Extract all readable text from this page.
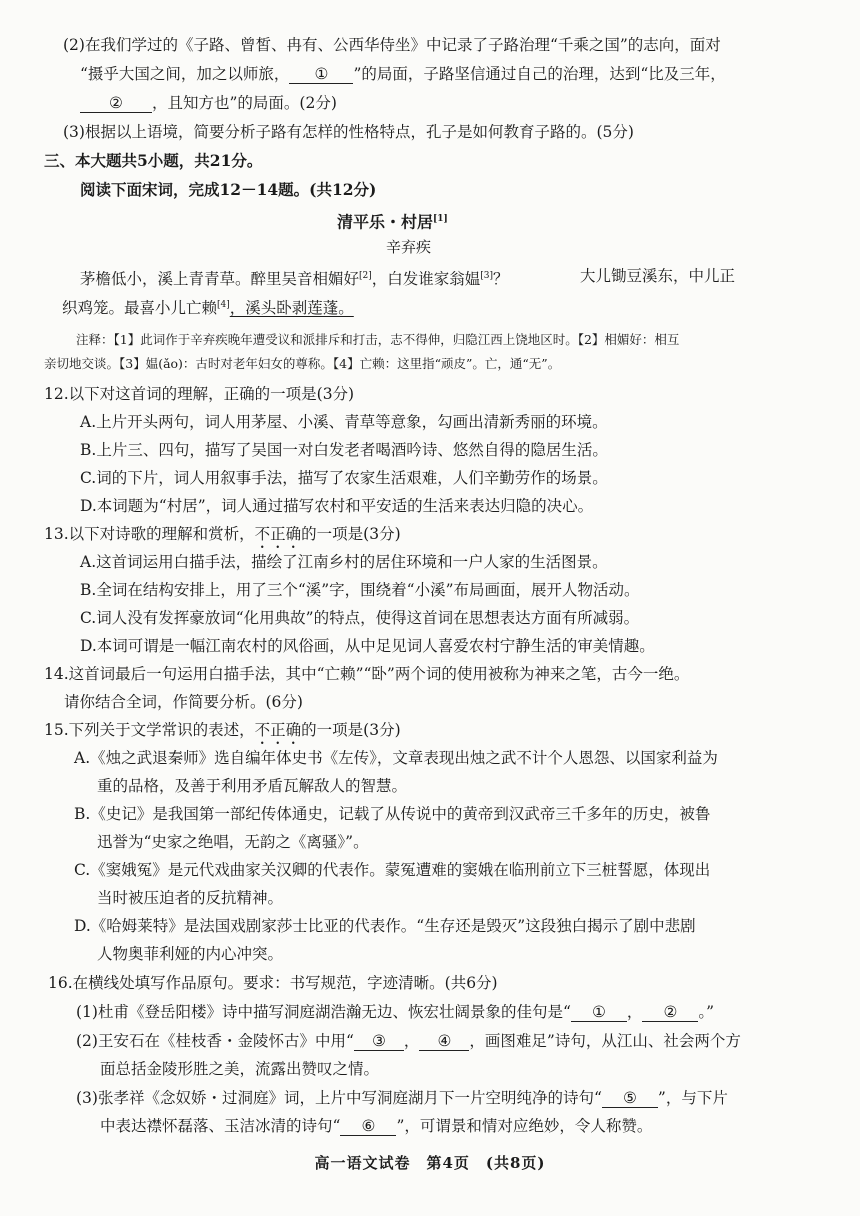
(2)在我们学过的《子路、曾皙、冉有、公西华侍坐》中记录了子路治理“千乘之国”的志向，面对
“摄乎大国之间，加之以师旅， ① ”的局面，子路坚信通过自己的治理，达到“比及三年，
② ，且知方也”的局面。(2分)
(3)根据以上语境，简要分析子路有怎样的性格特点，孔子是如何教育子路的。(5分)
三、本大题共5小题，共21分。
阅读下面宋词，完成12－14题。(共12分)
清平乐・村居[1]
辛弃疾
茅檐低小，溪上青青草。醉里吴音相媚好[2]，白发谁家翁媪[3]？	大儿锄豆溪东，中儿正
织鸡笼。最喜小儿亡赖[4]，溪头卧剥莲蓬。
注释：【1】此词作于辛弃疾晚年遭受议和派排斥和打击，志不得伸，归隐江西上饶地区时。【2】相媚好：相互
亲切地交谈。【3】媪(ǎo)：古时对老年妇女的尊称。【4】亡赖：这里指“顽皮”。亡，通“无”。
12.以下对这首词的理解，正确的一项是(3分)
A.上片开头两句，词人用茅屋、小溪、青草等意象，勾画出清新秀丽的环境。
B.上片三、四句，描写了吴国一对白发老者喝酒吟诗、悠然自得的隐居生活。
C.词的下片，词人用叙事手法，描写了农家生活艰难，人们辛勤劳作的场景。
D.本词题为“村居”，词人通过描写农村和平安适的生活来表达归隐的决心。
13.以下对诗歌的理解和赏析，不正确的一项是(3分)
A.这首词运用白描手法，描绘了江南乡村的居住环境和一户人家的生活图景。
B.全词在结构安排上，用了三个“溪”字，围绕着“小溪”布局画面，展开人物活动。
C.词人没有发挥豪放词“化用典故”的特点，使得这首词在思想表达方面有所减弱。
D.本词可谓是一幅江南农村的风俗画，从中足见词人喜爱农村宁静生活的审美情趣。
14.这首词最后一句运用白描手法，其中“亡赖”“卧”两个词的使用被称为神来之笔，古今一绝。
请你结合全词，作简要分析。(6分)
15.下列关于文学常识的表述，不正确的一项是(3分)
A.《烛之武退秦师》选自编年体史书《左传》，文章表现出烛之武不计个人恩怨、以国家利益为
重的品格，及善于利用矛盾瓦解敌人的智慧。
B.《史记》是我国第一部纪传体通史，记载了从传说中的黄帝到汉武帝三千多年的历史，被鲁
迅誉为“史家之绝唱，无韵之《离骚》”。
C.《窦娥冤》是元代戏曲家关汉卿的代表作。蒙冤遭难的窦娥在临刑前立下三桩誓愿，体现出
当时被压迫者的反抗精神。
D.《哈姆莱特》是法国戏剧家莎士比亚的代表作。“生存还是毁灭”这段独白揭示了剧中悲剧
人物奥菲利娅的内心冲突。
16.在横线处填写作品原句。要求：书写规范，字迹清晰。(共6分)
(1)杜甫《登岳阳楼》诗中描写洞庭湖浩瀚无边、恢宏壮阔景象的佳句是“ ① ， ② 。”
(2)王安石在《桂枝香・金陵怀古》中用“ ③ ， ④ ，画图难足”诗句，从江山、社会两个方
面总括金陵形胜之美，流露出赞叹之情。
(3)张孝祥《念奴娇・过洞庭》词，上片中写洞庭湖月下一片空明纯净的诗句“ ⑤ ”，与下片
中表达襟怀磊落、玉洁冰清的诗句“ ⑥ ”，可谓景和情对应绝妙，令人称赞。
高一语文试卷　第4页　(共8页)
